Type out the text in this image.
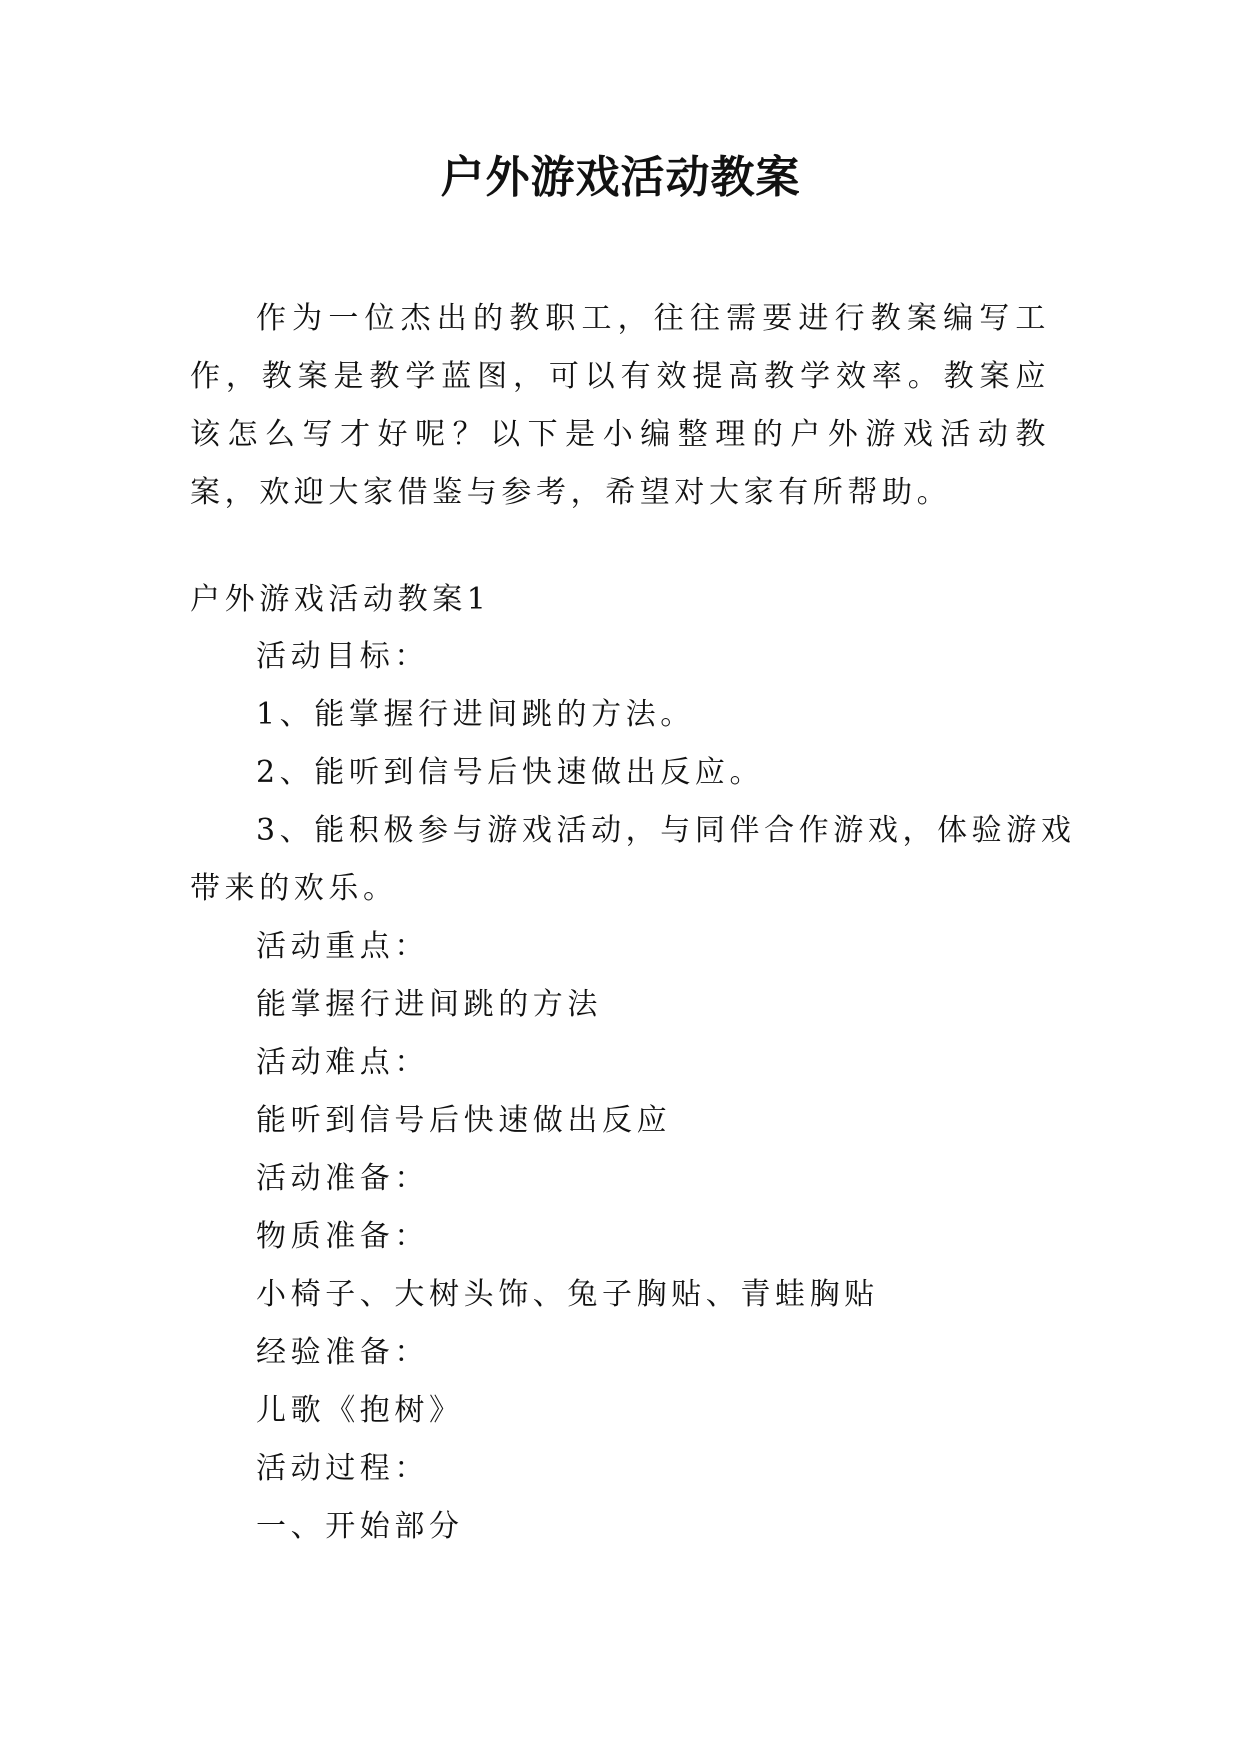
户外游戏活动教案
作为一位杰出的教职工，往往需要进行教案编写工作，教案是教学蓝图，可以有效提高教学效率。教案应该怎么写才好呢？以下是小编整理的户外游戏活动教案，欢迎大家借鉴与参考，希望对大家有所帮助。
户外游戏活动教案1
活动目标：
1、能掌握行进间跳的方法。
2、能听到信号后快速做出反应。
3、能积极参与游戏活动，与同伴合作游戏，体验游戏
带来的欢乐。
活动重点：
能掌握行进间跳的方法
活动难点：
能听到信号后快速做出反应
活动准备：
物质准备：
小椅子、大树头饰、兔子胸贴、青蛙胸贴
经验准备：
儿歌《抱树》
活动过程：
一、开始部分
